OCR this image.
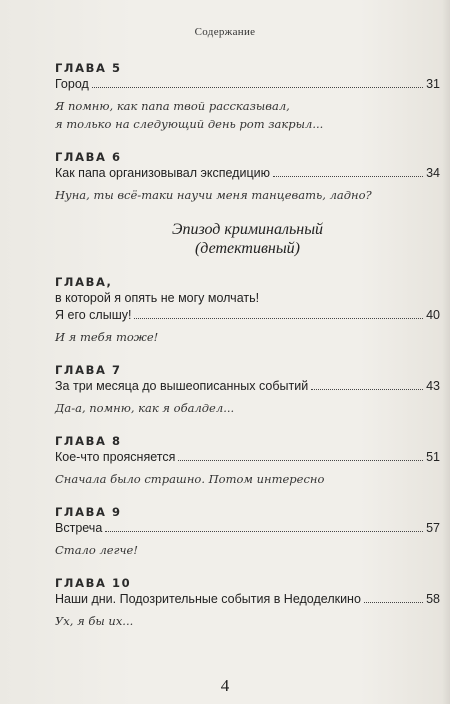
Содержание
ГЛАВА 5
Город	31
Я помню, как папа твой рассказывал,
я только на следующий день рот закрыл...
ГЛАВА 6
Как папа организовывал экспедицию	34
Нуна, ты всё-таки научи меня танцевать, ладно?
Эпизод криминальный
(детективный)
ГЛАВА,
в которой я опять не могу молчать!
Я его слышу!	40
И я тебя тоже!
ГЛАВА 7
За три месяца до вышеописанных событий	43
Да-а, помню, как я обалдел...
ГЛАВА 8
Кое-что проясняется	51
Сначала было страшно. Потом интересно
ГЛАВА 9
Встреча	57
Стало легче!
ГЛАВА 10
Наши дни. Подозрительные события в Недоделкино	58
Ух, я бы их...
4
